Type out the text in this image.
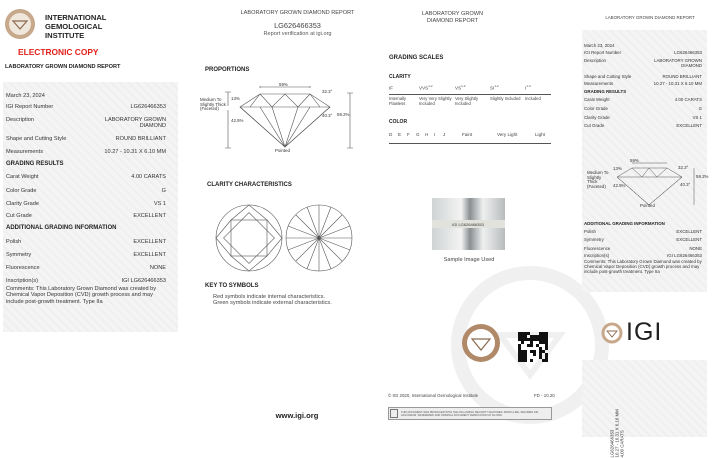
INTERNATIONAL
GEMOLOGICAL
INSTITUTE
ELECTRONIC COPY
LABORATORY GROWN DIAMOND REPORT
March 23, 2024
IGI Report Number	LG626466353
Description	LABORATORY GROWN
DIAMOND
Shape and Cutting Style	ROUND BRILLIANT
Measurements	10.27 - 10.31 X 6.10 MM
GRADING RESULTS
Carat Weight	4.00 CARATS
Color Grade	G
Clarity Grade	VS 1
Cut Grade	EXCELLENT
ADDITIONAL GRADING INFORMATION
Polish	EXCELLENT
Symmetry	EXCELLENT
Fluorescence	NONE
Inscription(s)	IGI LG626466353
Comments: This Laboratory Grown Diamond was created by Chemical Vapor Deposition (CVD) growth process and may include post-growth treatment. Type IIa
LABORATORY GROWN DIAMOND REPORT
LG626466353
Report verification at igi.org
PROPORTIONS
59%
32.3°
40.3° 59.2%
13%
42.5%
Medium To Slightly Thick (Faceted)
Pointed
CLARITY CHARACTERISTICS
KEY TO SYMBOLS
Red symbols indicate internal characteristics.
Green symbols indicate external characteristics.
www.igi.org
LABORATORY GROWN
DIAMOND REPORT
GRADING SCALES
CLARITY
IF
Internally Flawless
VVS$^{1-2}$
Very Very Slightly Included
VS$^{1-2}$
Very Slightly Included
SI$^{1-2}$
Slightly Included
$I^{1-3}$
Included
COLOR
D E F G H I J	Faint	Very Light	Light
IGI LG626466353
Sample Image Used
© IGI 2020, International Gemological Institute	FD - 10.20
THIS DOCUMENT WAS PRODUCED WITH THE FOLLOWING SECURITY FEATURES: MICRO-LINE, SECURED INK, HOLOGRAM, WATERMARK AND ORIGINAL DOCUMENT VERIFICATION AT IGI.ORG
LABORATORY GROWN DIAMOND REPORT
March 23, 2024
IGI Report Number	LG626466353
Description	LABORATORY GROWN
DIAMOND
Shape and Cutting Style	ROUND BRILLIANT
Measurements	10.27 - 10.31 X 6.10 MM
GRADING RESULTS
Carat Weight	4.00 CARATS
Color Grade	G
Clarity Grade	VS 1
Cut Grade	EXCELLENT
59%
32.3°
40.3°
59.2%
13%
42.5%
Medium To Slightly Thick (Faceted)
Pointed
ADDITIONAL GRADING INFORMATION
Polish	EXCELLENT
Symmetry	EXCELLENT
Fluorescence	NONE
Inscription(s)	IGI LG626466353
Comments: This Laboratory Grown Diamond was created by Chemical Vapor Deposition (CVD) growth process and may include post-growth treatment. Type IIa
IGI
LG626466353 10.27 - 10.31 X 6.10 MM 4.00 CARATS
